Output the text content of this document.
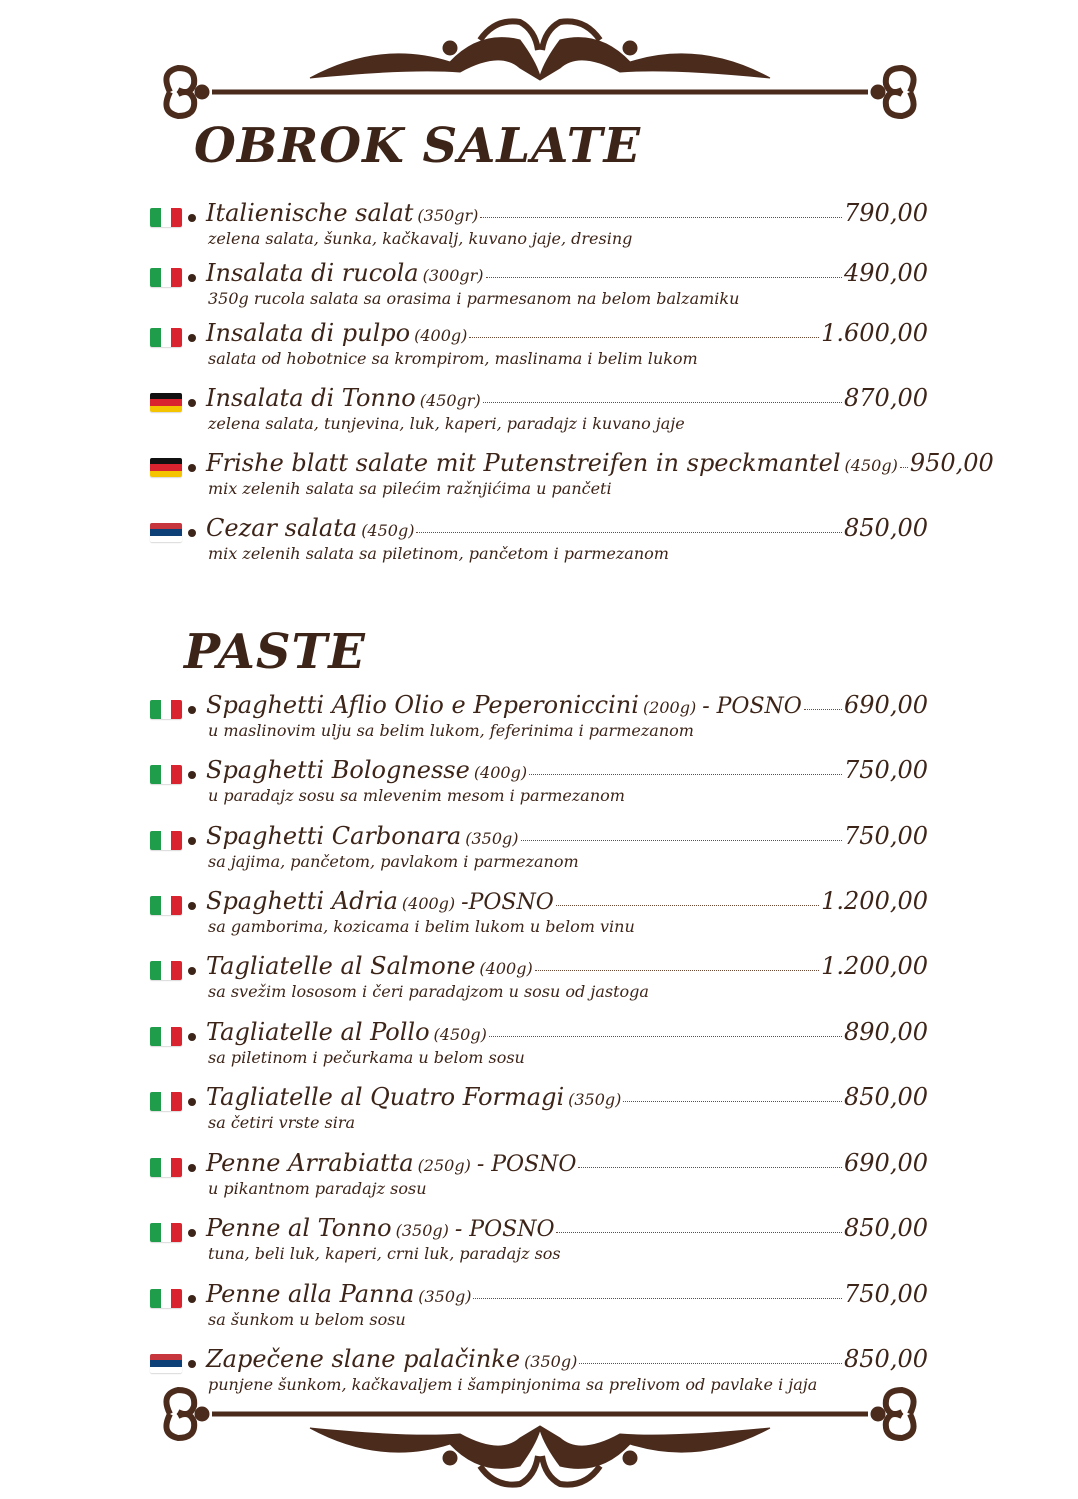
OBROK SALATE
Italienische salat (350gr)	790,00
zelena salata, šunka, kačkavalj, kuvano jaje, dresing
Insalata di rucola (300gr)	490,00
350g rucola salata sa orasima i parmesanom na belom balzamiku
Insalata di pulpo (400g)	1.600,00
salata od hobotnice sa krompirom, maslinama i belim lukom
Insalata di Tonno (450gr)	870,00
zelena salata, tunjevina, luk, kaperi, paradajz i kuvano jaje
Frishe blatt salate mit Putenstreifen in speckmantel (450g) 950,00
mix zelenih salata sa pilećim ražnjićima u pančeti
Cezar salata (450g)	850,00
mix zelenih salata sa piletinom, pančetom i parmezanom
PASTE
Spaghetti Aflio Olio e Peperoniccini (200g) - POSNO 690,00
u maslinovim ulju sa belim lukom, feferinima i parmezanom
Spaghetti Bolognesse (400g)	750,00
u paradajz sosu sa mlevenim mesom i parmezanom
Spaghetti Carbonara (350g)	750,00
sa jajima, pančetom, pavlakom i parmezanom
Spaghetti Adria (400g) -POSNO	1.200,00
sa gamborima, kozicama i belim lukom u belom vinu
Tagliatelle al Salmone (400g)	1.200,00
sa svežim lososom i čeri paradajzom u sosu od jastoga
Tagliatelle al Pollo (450g)	890,00
sa piletinom i pečurkama u belom sosu
Tagliatelle al Quatro Formagi (350g)	850,00
sa četiri vrste sira
Penne Arrabiatta (250g) - POSNO	690,00
u pikantnom paradajz sosu
Penne al Tonno (350g) - POSNO	850,00
tuna, beli luk, kaperi, crni luk, paradajz sos
Penne alla Panna (350g)	750,00
sa šunkom u belom sosu
Zapečene slane palačinke (350g)	850,00
punjene šunkom, kačkavaljem i šampinjonima sa prelivom od pavlake i jaja
